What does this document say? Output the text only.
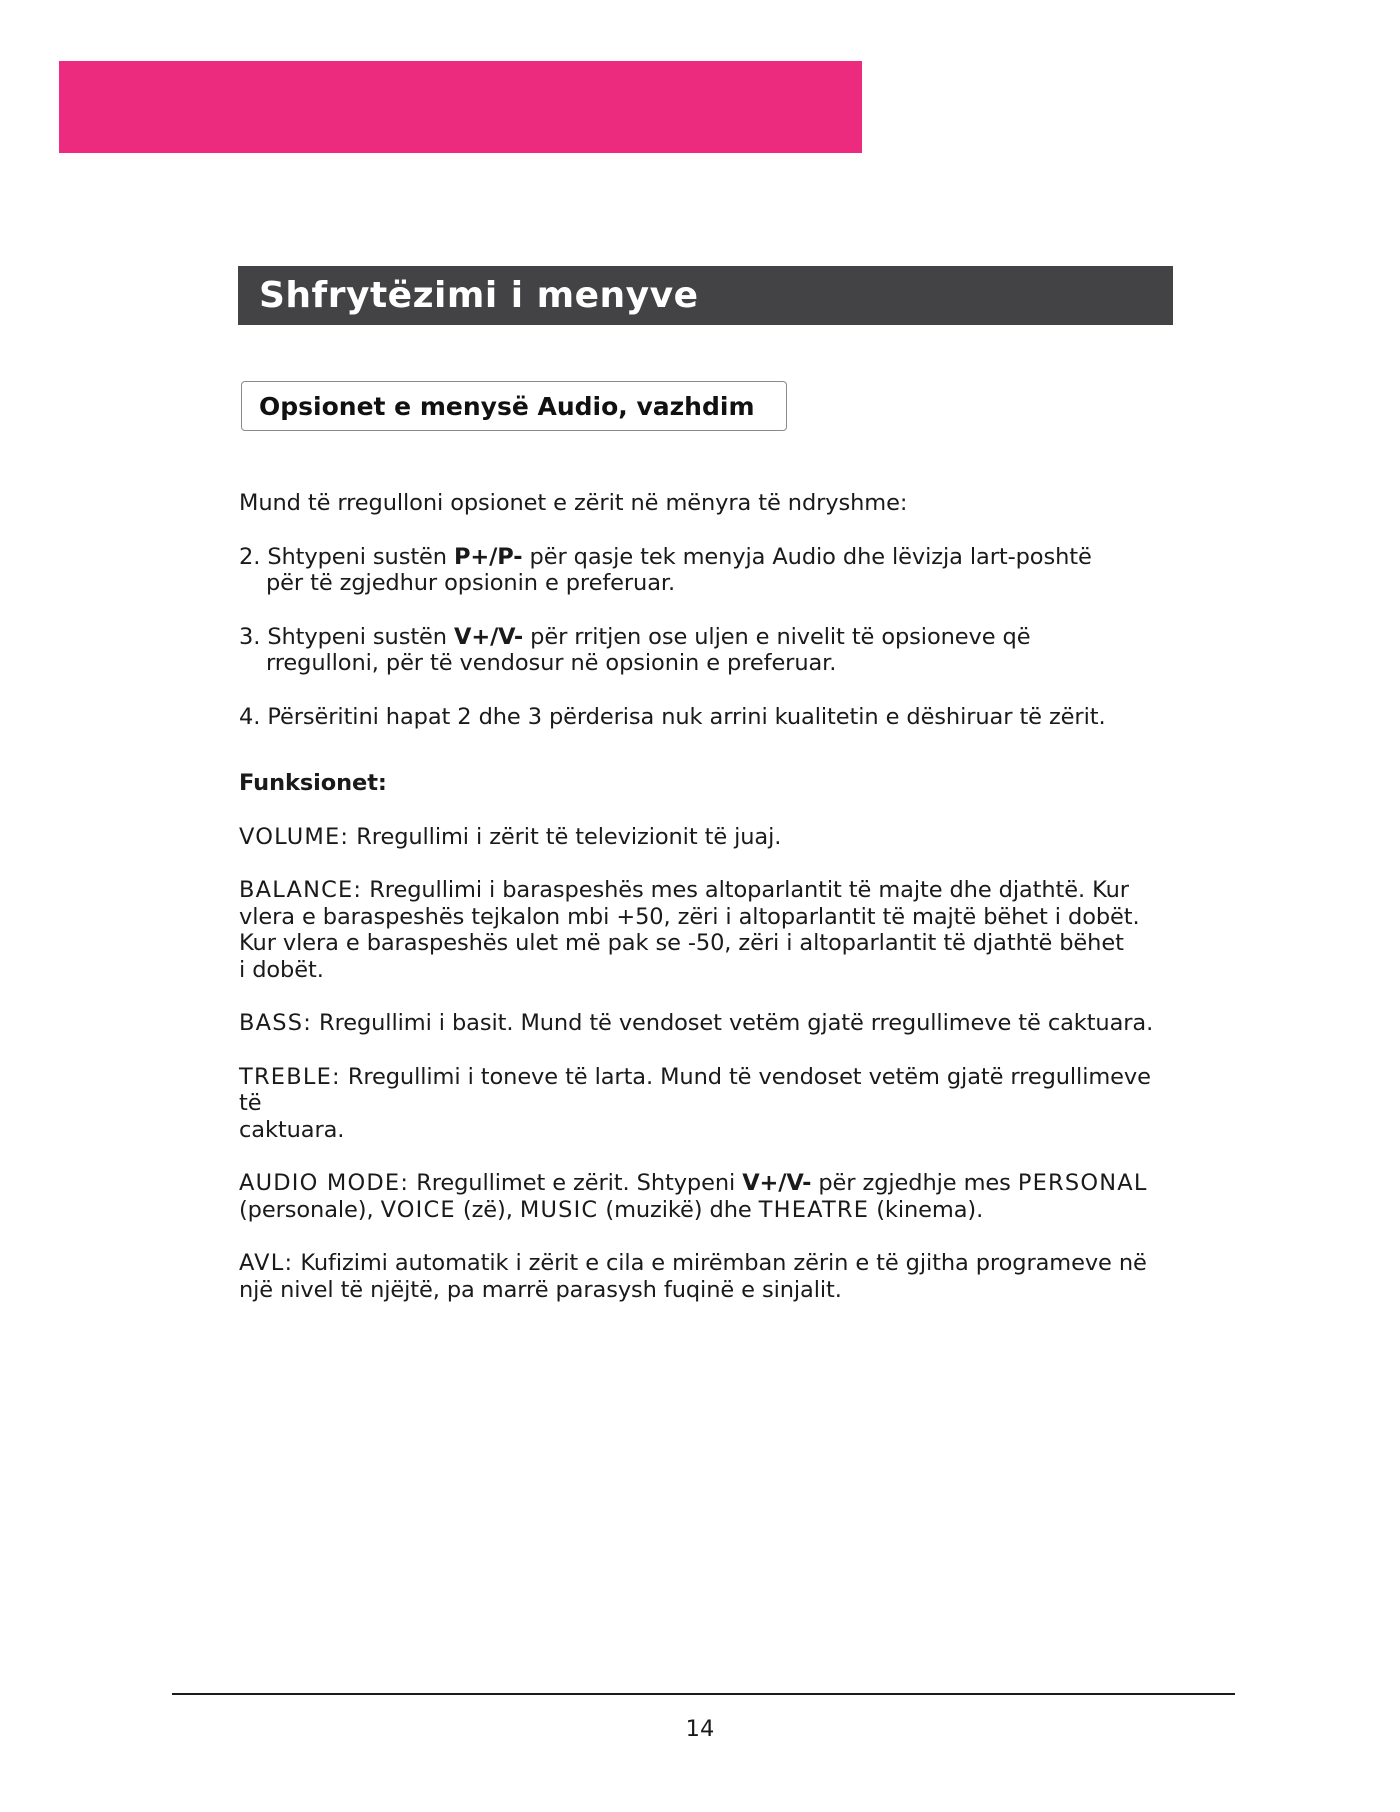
Shfrytëzimi i menyve
Opsionet e menysë Audio, vazhdim

Mund të rregulloni opsionet e zërit në mënyra të ndryshme:

2. Shtypeni sustën P+/P- për qasje tek menyja Audio dhe lëvizja lart-poshtë
për të zgjedhur opsionin e preferuar.

3. Shtypeni sustën V+/V- për rritjen ose uljen e nivelit të opsioneve që
rregulloni, për të vendosur në opsionin e preferuar.

4. Përsëritini hapat 2 dhe 3 përderisa nuk arrini kualitetin e dëshiruar të zërit.

Funksionet:

VOLUME: Rregullimi i zërit të televizionit të juaj.

BALANCE: Rregullimi i baraspeshës mes altoparlantit të majte dhe djathtë. Kur
vlera e baraspeshës tejkalon mbi +50, zëri i altoparlantit të majtë bëhet i dobët.
Kur vlera e baraspeshës ulet më pak se -50, zëri i altoparlantit të djathtë bëhet
i dobët.

BASS: Rregullimi i basit. Mund të vendoset vetëm gjatë rregullimeve të caktuara.

TREBLE: Rregullimi i toneve të larta. Mund të vendoset vetëm gjatë rregullimeve të
caktuara.

AUDIO MODE: Rregullimet e zërit. Shtypeni V+/V- për zgjedhje mes PERSONAL
(personale), VOICE (zë), MUSIC (muzikë) dhe THEATRE (kinema).

AVL: Kufizimi automatik i zërit e cila e mirëmban zërin e të gjitha programeve në
një nivel të njëjtë, pa marrë parasysh fuqinë e sinjalit.

14
